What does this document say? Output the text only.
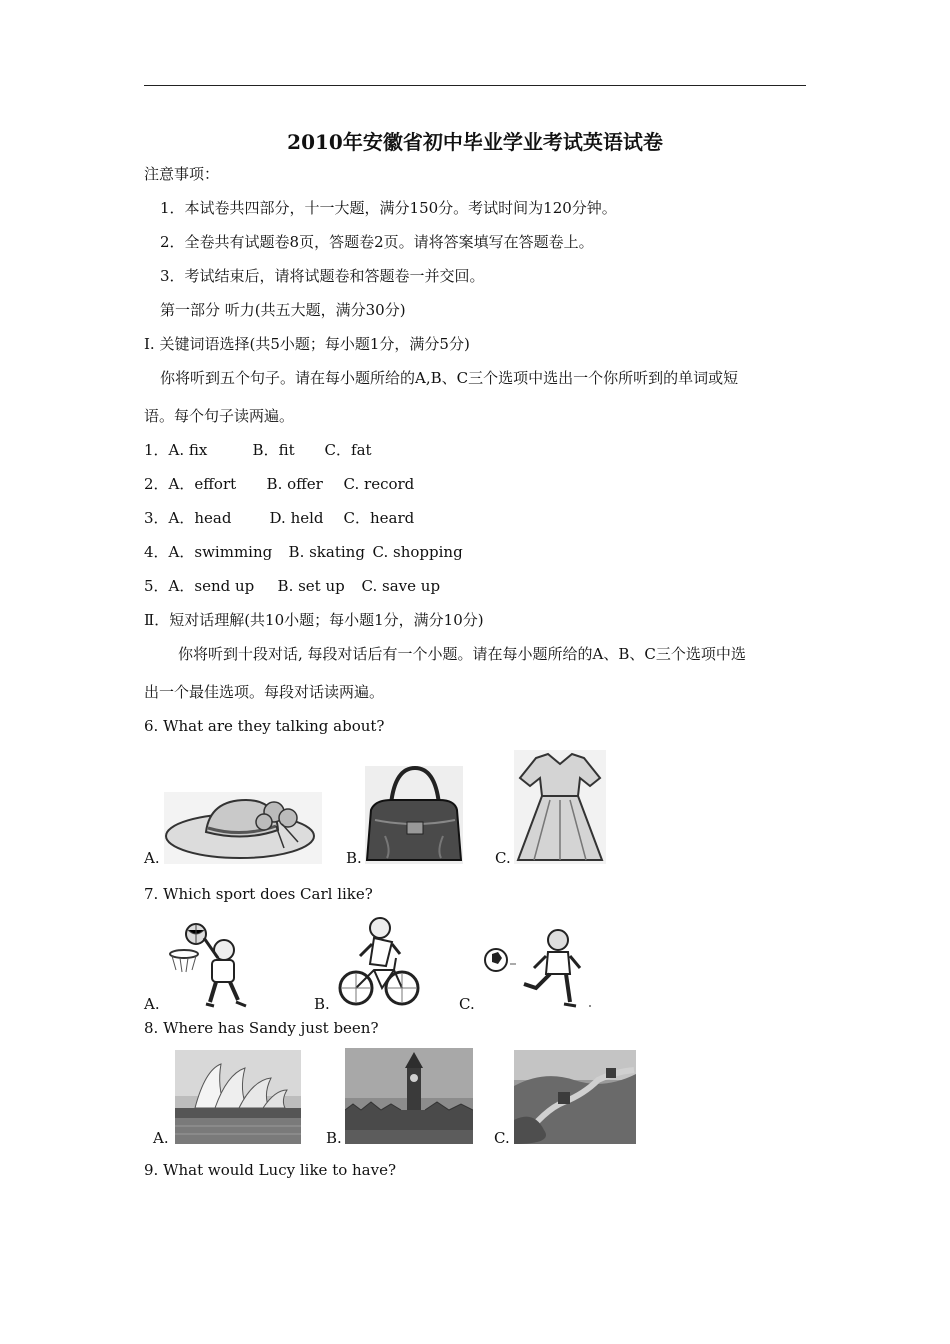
2010年安徽省初中毕业学业考试英语试卷
注意事项：
1．本试卷共四部分，十一大题，满分150分。考试时间为120分钟。
2．全卷共有试题卷8页，答题卷2页。请将答案填写在答题卷上。
3．考试结束后，请将试题卷和答题卷一并交回。
第一部分 听力(共五大题，满分30分)
I. 关键词语选择(共5小题；每小题1分，满分5分)
你将听到五个句子。请在每小题所给的A,B、C三个选项中选出一个你所听到的单词或短
语。每个句子读两遍。
1．A. fix	B．fit C．fat
2．A．effort B. offer C. record
3．A．head	D. held C．heard
4．A．swimming B. skating C. shopping
5．A．send up B. set up C. save up
Ⅱ．短对话理解(共10小题；每小题1分，满分10分)
你将听到十段对话, 每段对话后有一个小题。请在每小题所给的A、B、C三个选项中选
出一个最佳选项。每段对话读两遍。
6. What are they talking about?
A.	B.	C.
7. Which sport does Carl like?
A.	B.	C.
8. Where has Sandy just been?
A.	B.	C.
9. What would Lucy like to have?
